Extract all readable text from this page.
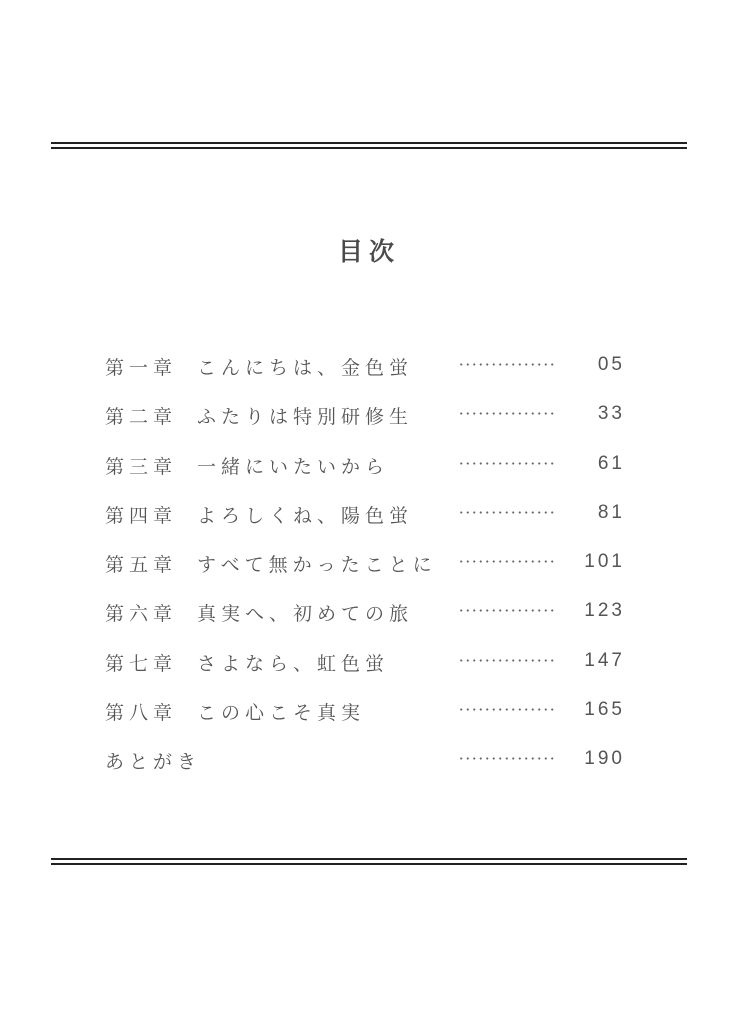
目次
第一章 こんにちは、金色蛍	05
第二章 ふたりは特別研修生	33
第三章 一緒にいたいから	61
第四章 よろしくね、陽色蛍	81
第五章 すべて無かったことに	101
第六章 真実へ、初めての旅	123
第七章 さよなら、虹色蛍	147
第八章 この心こそ真実	165
あとがき	190
